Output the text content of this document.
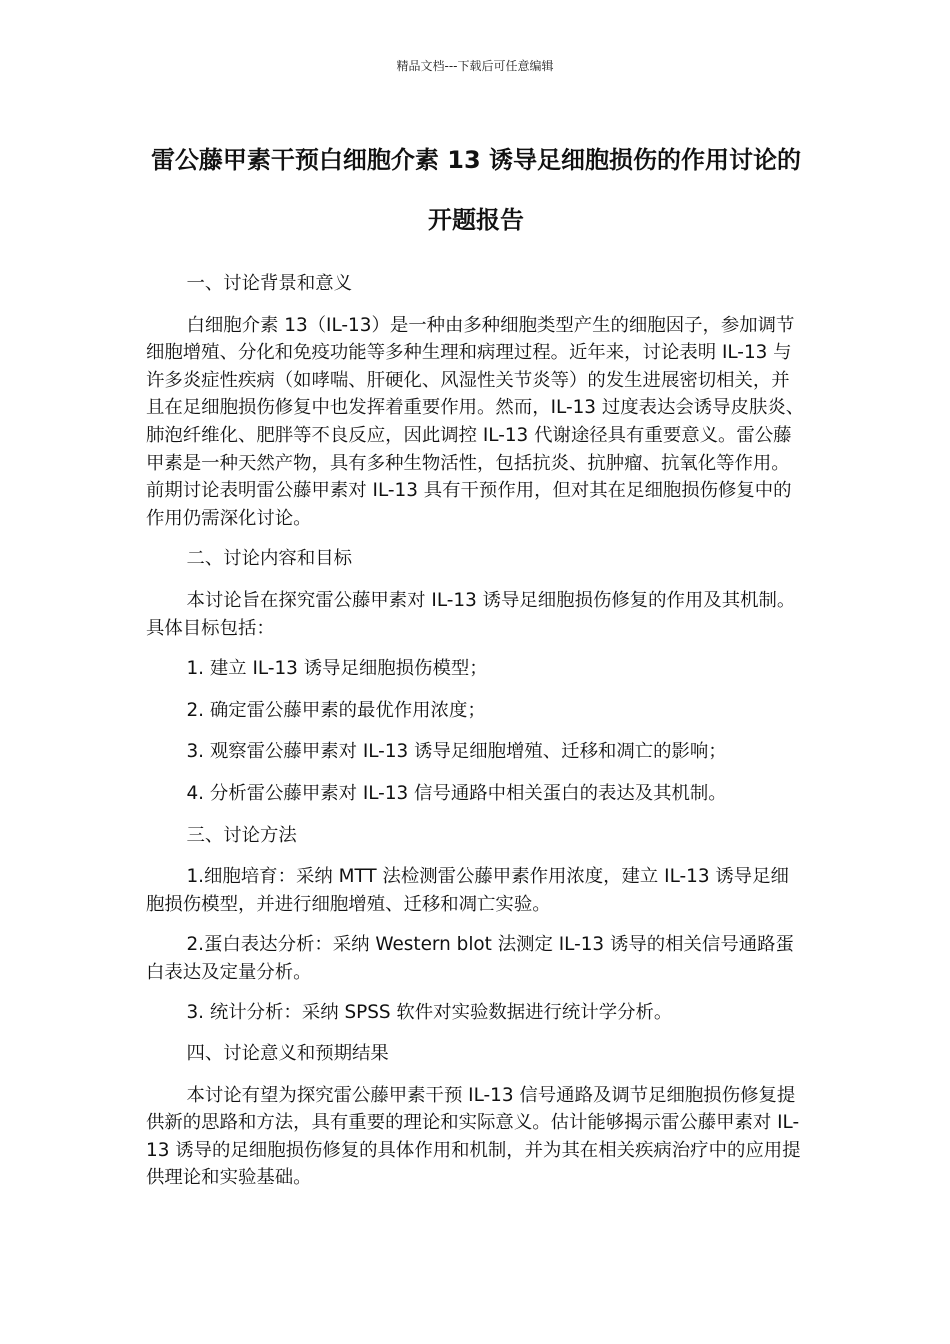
精品文档---下载后可任意编辑
雷公藤甲素干预白细胞介素 13 诱导足细胞损伤的作用讨论的开题报告

一、讨论背景和意义

白细胞介素 13（IL-13）是一种由多种细胞类型产生的细胞因子，参加调节细胞增殖、分化和免疫功能等多种生理和病理过程。近年来，讨论表明 IL-13 与许多炎症性疾病（如哮喘、肝硬化、风湿性关节炎等）的发生进展密切相关，并且在足细胞损伤修复中也发挥着重要作用。然而，IL-13 过度表达会诱导皮肤炎、肺泡纤维化、肥胖等不良反应，因此调控 IL-13 代谢途径具有重要意义。雷公藤甲素是一种天然产物，具有多种生物活性，包括抗炎、抗肿瘤、抗氧化等作用。前期讨论表明雷公藤甲素对 IL-13 具有干预作用，但对其在足细胞损伤修复中的作用仍需深化讨论。

二、讨论内容和目标

本讨论旨在探究雷公藤甲素对 IL-13 诱导足细胞损伤修复的作用及其机制。具体目标包括：

1. 建立 IL-13 诱导足细胞损伤模型；

2. 确定雷公藤甲素的最优作用浓度；

3. 观察雷公藤甲素对 IL-13 诱导足细胞增殖、迁移和凋亡的影响；

4. 分析雷公藤甲素对 IL-13 信号通路中相关蛋白的表达及其机制。

三、讨论方法

1.细胞培育：采纳 MTT 法检测雷公藤甲素作用浓度，建立 IL-13 诱导足细胞损伤模型，并进行细胞增殖、迁移和凋亡实验。

2.蛋白表达分析：采纳 Western blot 法测定 IL-13 诱导的相关信号通路蛋白表达及定量分析。

3. 统计分析：采纳 SPSS 软件对实验数据进行统计学分析。

四、讨论意义和预期结果

本讨论有望为探究雷公藤甲素干预 IL-13 信号通路及调节足细胞损伤修复提供新的思路和方法，具有重要的理论和实际意义。估计能够揭示雷公藤甲素对 IL-13 诱导的足细胞损伤修复的具体作用和机制，并为其在相关疾病治疗中的应用提供理论和实验基础。
